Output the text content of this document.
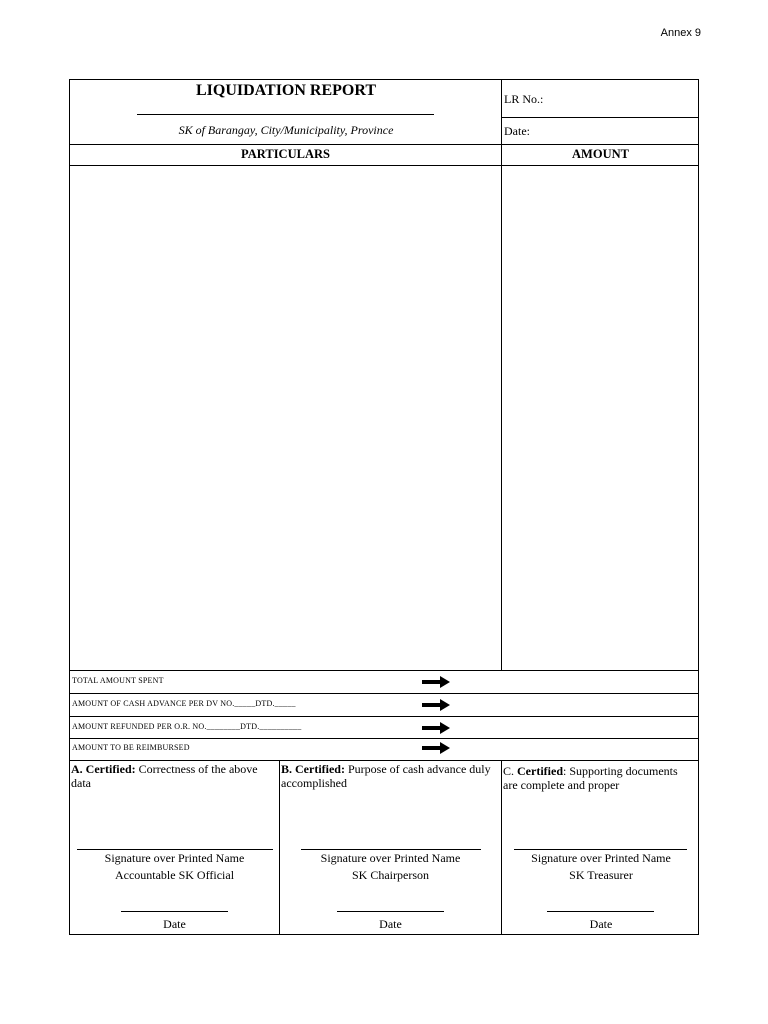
Annex 9
LIQUIDATION REPORT
SK of Barangay, City/Municipality, Province
LR No.:
Date:
PARTICULARS	AMOUNT
TOTAL AMOUNT SPENT
AMOUNT OF CASH ADVANCE PER DV NO._____DTD._____
AMOUNT REFUNDED PER O.R. NO.________DTD.__________
AMOUNT TO BE REIMBURSED
A. Certified: Correctness of the above data
Signature over Printed Name
Accountable SK Official
Date
B. Certified: Purpose of cash advance duly accomplished
Signature over Printed Name
SK Chairperson
Date
C. Certified: Supporting documents are complete and proper
Signature over Printed Name
SK Treasurer
Date
